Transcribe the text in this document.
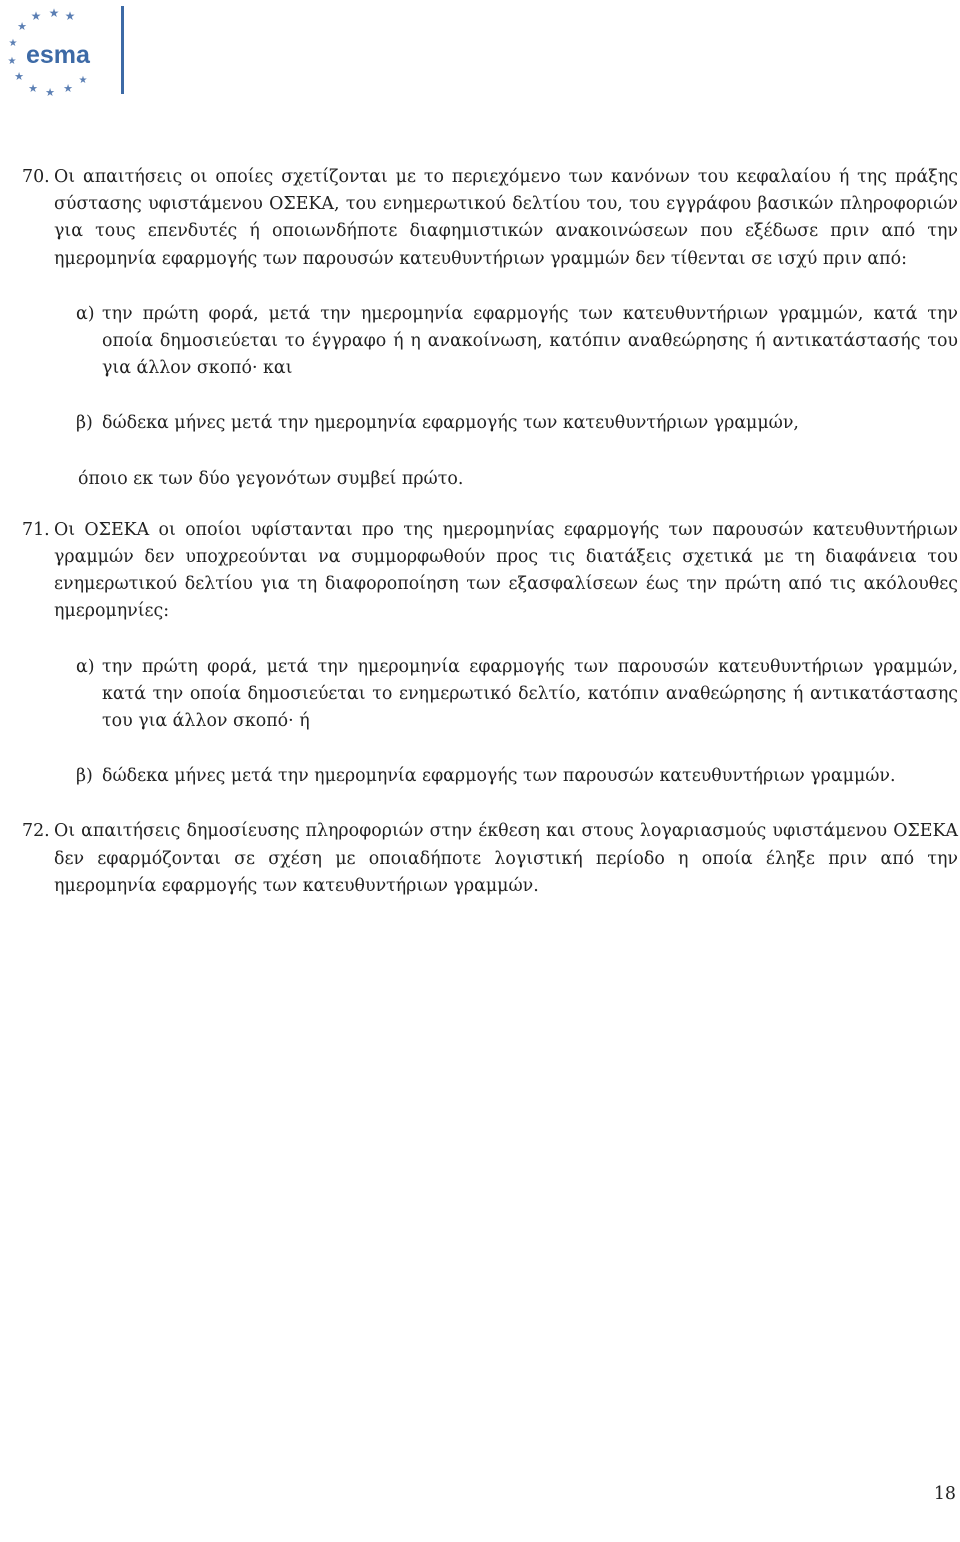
★ ★ ★
★
★
★
★
★ ★ ★
★
esma
70. Οι απαιτήσεις οι οποίες σχετίζονται με το περιεχόμενο των κανόνων του κεφαλαίου ή της πράξης σύστασης υφιστάμενου ΟΣΕΚΑ, του ενημερωτικού δελτίου του, του εγγράφου βασικών πληροφοριών για τους επενδυτές ή οποιωνδήποτε διαφημιστικών ανακοινώσεων που εξέδωσε πριν από την ημερομηνία εφαρμογής των παρουσών κατευθυντήριων γραμμών δεν τίθενται σε ισχύ πριν από:
α) την πρώτη φορά, μετά την ημερομηνία εφαρμογής των κατευθυντήριων γραμμών, κατά την οποία δημοσιεύεται το έγγραφο ή η ανακοίνωση, κατόπιν αναθεώρησης ή αντικατάστασής του για άλλον σκοπό· και
β) δώδεκα μήνες μετά την ημερομηνία εφαρμογής των κατευθυντήριων γραμμών,
όποιο εκ των δύο γεγονότων συμβεί πρώτο.
71. Οι ΟΣΕΚΑ οι οποίοι υφίστανται προ της ημερομηνίας εφαρμογής των παρουσών κατευθυντήριων γραμμών δεν υποχρεούνται να συμμορφωθούν προς τις διατάξεις σχετικά με τη διαφάνεια του ενημερωτικού δελτίου για τη διαφοροποίηση των εξασφαλίσεων έως την πρώτη από τις ακόλουθες ημερομηνίες:
α) την πρώτη φορά, μετά την ημερομηνία εφαρμογής των παρουσών κατευθυντήριων γραμμών, κατά την οποία δημοσιεύεται το ενημερωτικό δελτίο, κατόπιν αναθεώρησης ή αντικατάστασης του για άλλον σκοπό· ή
β) δώδεκα μήνες μετά την ημερομηνία εφαρμογής των παρουσών κατευθυντήριων γραμμών.
72. Οι απαιτήσεις δημοσίευσης πληροφοριών στην έκθεση και στους λογαριασμούς υφιστάμενου ΟΣΕΚΑ δεν εφαρμόζονται σε σχέση με οποιαδήποτε λογιστική περίοδο η οποία έληξε πριν από την ημερομηνία εφαρμογής των κατευθυντήριων γραμμών.
18
